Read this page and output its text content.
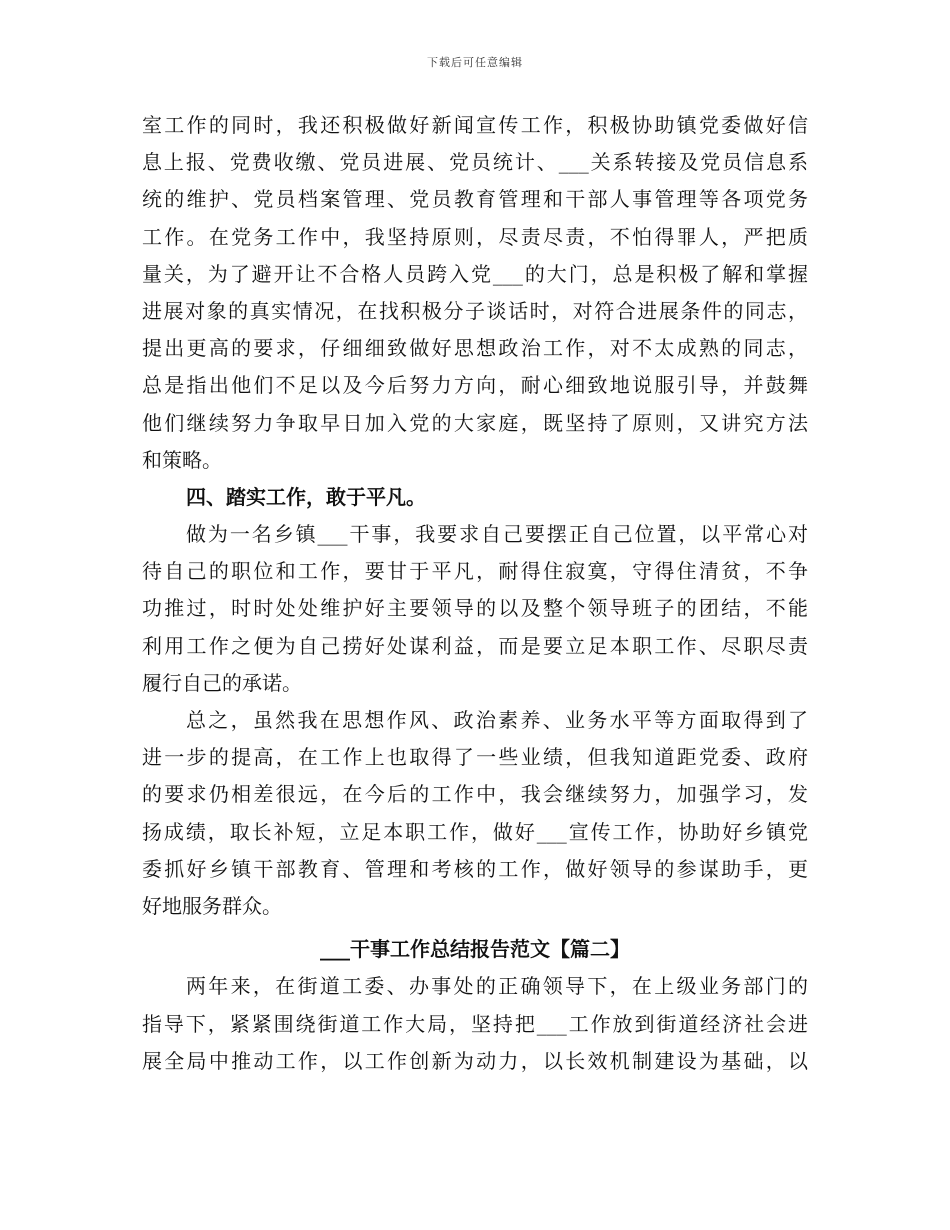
下载后可任意编辑
室工作的同时，我还积极做好新闻宣传工作，积极协助镇党委做好信
息上报、党费收缴、党员进展、党员统计、___关系转接及党员信息系
统的维护、党员档案管理、党员教育管理和干部人事管理等各项党务
工作。在党务工作中，我坚持原则，尽责尽责，不怕得罪人，严把质
量关，为了避开让不合格人员跨入党___的大门，总是积极了解和掌握
进展对象的真实情况，在找积极分子谈话时，对符合进展条件的同志，
提出更高的要求，仔细细致做好思想政治工作，对不太成熟的同志，
总是指出他们不足以及今后努力方向，耐心细致地说服引导，并鼓舞
他们继续努力争取早日加入党的大家庭，既坚持了原则，又讲究方法
和策略。
四、踏实工作，敢于平凡。
做为一名乡镇___干事，我要求自己要摆正自己位置，以平常心对
待自己的职位和工作，要甘于平凡，耐得住寂寞，守得住清贫，不争
功推过，时时处处维护好主要领导的以及整个领导班子的团结，不能
利用工作之便为自己捞好处谋利益，而是要立足本职工作、尽职尽责
履行自己的承诺。
总之，虽然我在思想作风、政治素养、业务水平等方面取得到了
进一步的提高，在工作上也取得了一些业绩，但我知道距党委、政府
的要求仍相差很远，在今后的工作中，我会继续努力，加强学习，发
扬成绩，取长补短，立足本职工作，做好___宣传工作，协助好乡镇党
委抓好乡镇干部教育、管理和考核的工作，做好领导的参谋助手，更
好地服务群众。
___干事工作总结报告范文【篇二】
两年来，在街道工委、办事处的正确领导下，在上级业务部门的
指导下，紧紧围绕街道工作大局，坚持把___工作放到街道经济社会进
展全局中推动工作，以工作创新为动力，以长效机制建设为基础，以
